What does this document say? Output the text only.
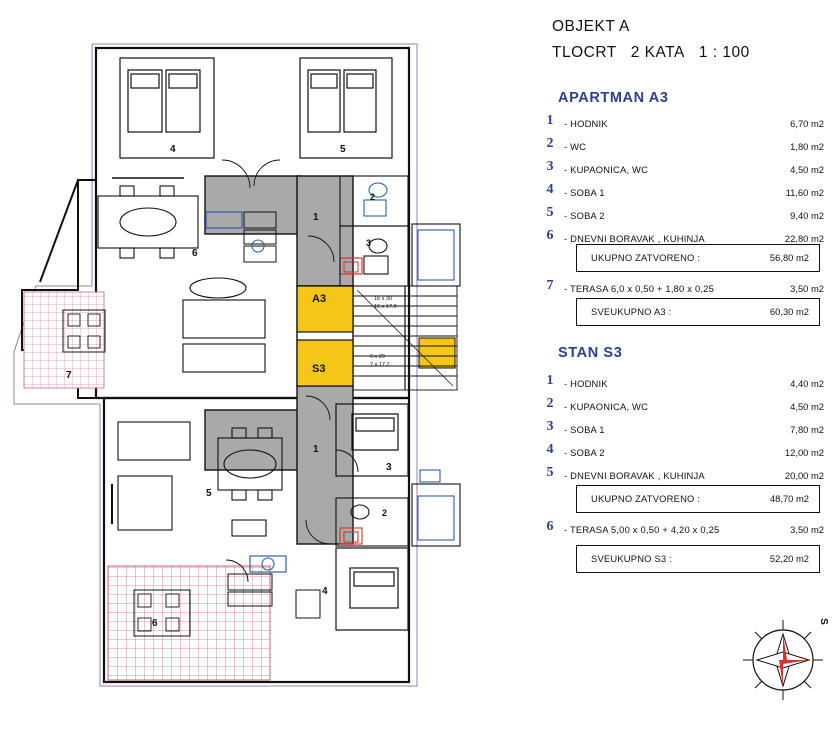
7
6
A3
S3
16 x 30
16 x 17.0
6 x 29
7 x 17.7
4	5
6
2
3
1
3
4
2
1
5
OBJEKT A
TLOCRT 2 KATA 1 : 100
APARTMAN A3
1	- HODNIK	6,70 m2
2	- WC	1,80 m2
3	- KUPAONICA, WC	4,50 m2
4	- SOBA 1	11,60 m2
5	- SOBA 2	9,40 m2
6	- DNEVNI BORAVAK , KUHINJA	22,80 m2
UKUPNO ZATVORENO :	56,80 m2
7	- TERASA 6,0 x 0,50 + 1,80 x 0,25	3,50 m2
SVEUKUPNO A3 :	60,30 m2
STAN S3
1	- HODNIK	4,40 m2
2	- KUPAONICA, WC	4,50 m2
3	- SOBA 1	7,80 m2
4	- SOBA 2	12,00 m2
5	- DNEVNI BORAVAK , KUHINJA	20,00 m2
UKUPNO ZATVORENO :	48,70 m2
6	- TERASA 5,00 x 0,50 + 4,20 x 0,25	3,50 m2
SVEUKUPNO S3 :	52,20 m2
S
